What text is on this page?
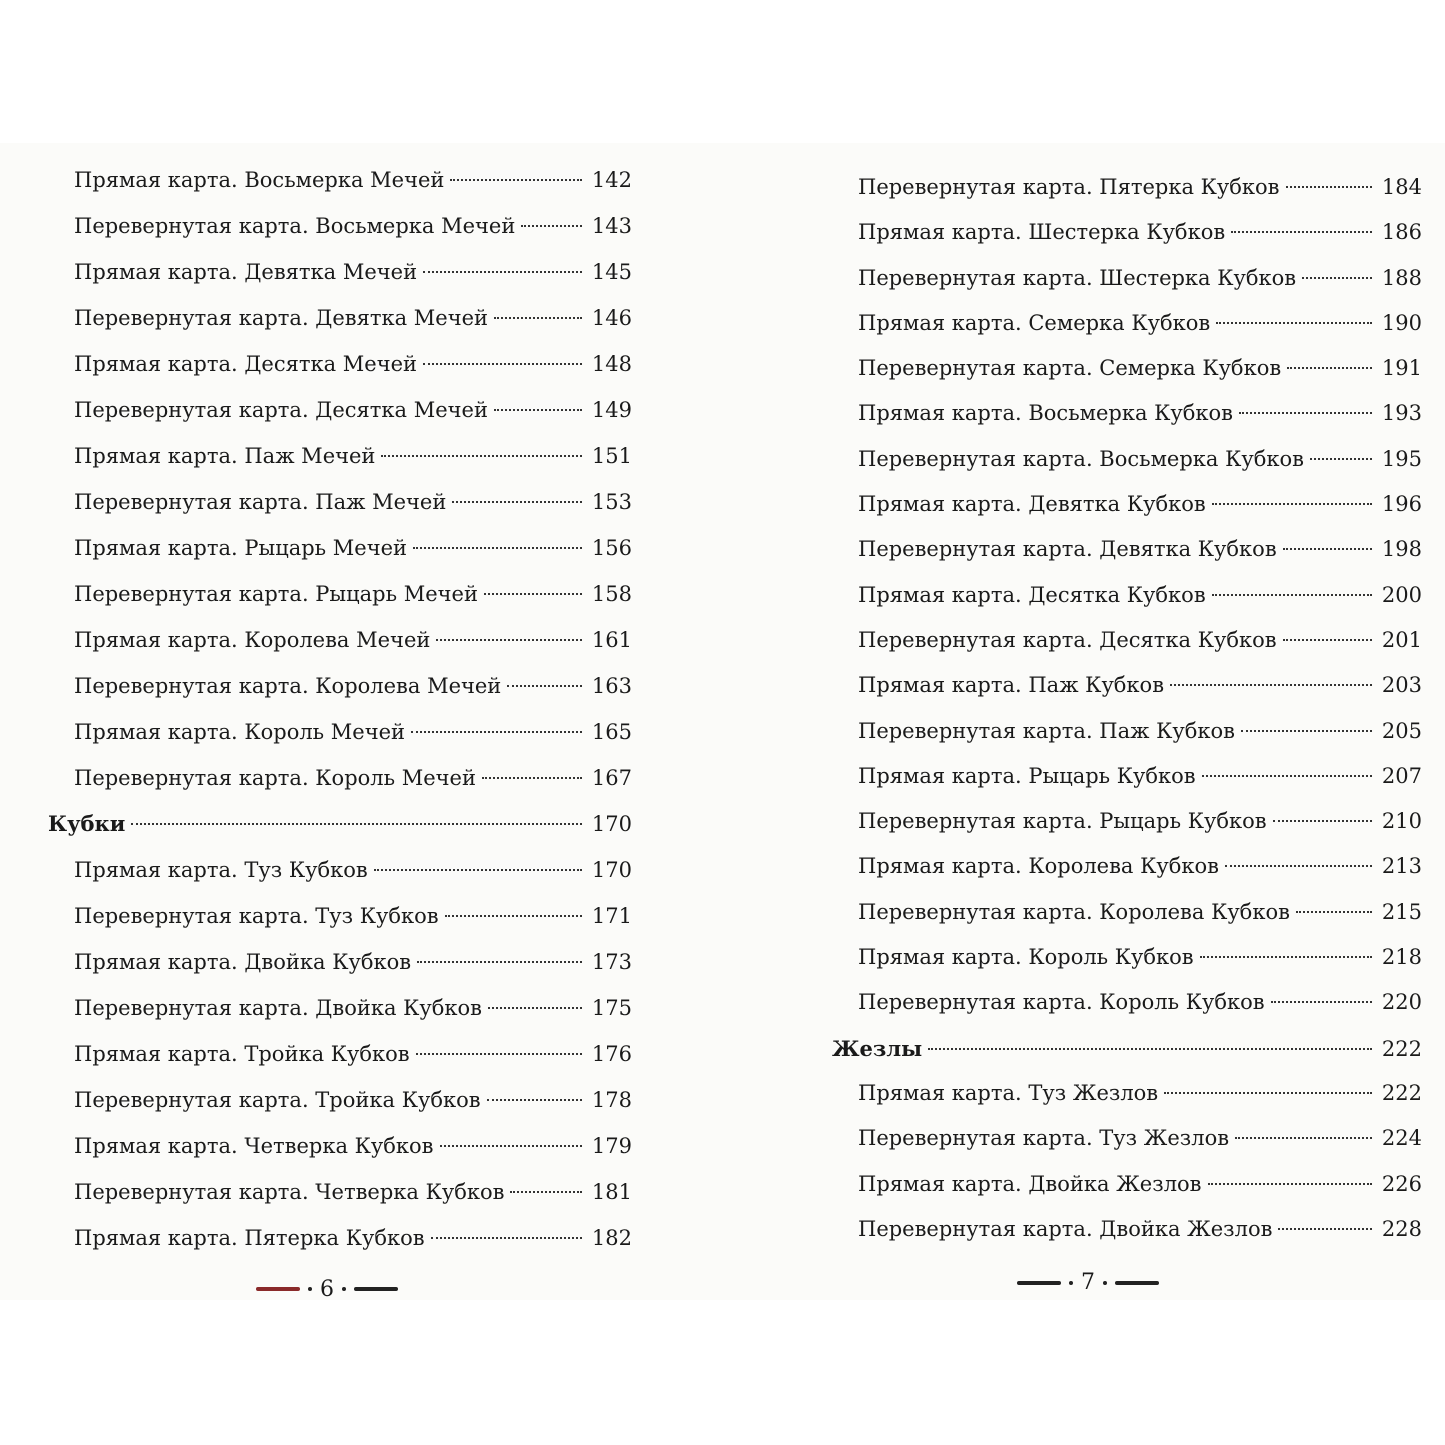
Прямая карта. Восьмерка Мечей	142
Перевернутая карта. Восьмерка Мечей	143
Прямая карта. Девятка Мечей	145
Перевернутая карта. Девятка Мечей	146
Прямая карта. Десятка Мечей	148
Перевернутая карта. Десятка Мечей	149
Прямая карта. Паж Мечей	151
Перевернутая карта. Паж Мечей	153
Прямая карта. Рыцарь Мечей	156
Перевернутая карта. Рыцарь Мечей	158
Прямая карта. Королева Мечей	161
Перевернутая карта. Королева Мечей	163
Прямая карта. Король Мечей	165
Перевернутая карта. Король Мечей	167
Кубки	170
Прямая карта. Туз Кубков	170
Перевернутая карта. Туз Кубков	171
Прямая карта. Двойка Кубков	173
Перевернутая карта. Двойка Кубков	175
Прямая карта. Тройка Кубков	176
Перевернутая карта. Тройка Кубков	178
Прямая карта. Четверка Кубков	179
Перевернутая карта. Четверка Кубков	181
Прямая карта. Пятерка Кубков	182
6
Перевернутая карта. Пятерка Кубков	184
Прямая карта. Шестерка Кубков	186
Перевернутая карта. Шестерка Кубков	188
Прямая карта. Семерка Кубков	190
Перевернутая карта. Семерка Кубков	191
Прямая карта. Восьмерка Кубков	193
Перевернутая карта. Восьмерка Кубков	195
Прямая карта. Девятка Кубков	196
Перевернутая карта. Девятка Кубков	198
Прямая карта. Десятка Кубков	200
Перевернутая карта. Десятка Кубков	201
Прямая карта. Паж Кубков	203
Перевернутая карта. Паж Кубков	205
Прямая карта. Рыцарь Кубков	207
Перевернутая карта. Рыцарь Кубков	210
Прямая карта. Королева Кубков	213
Перевернутая карта. Королева Кубков	215
Прямая карта. Король Кубков	218
Перевернутая карта. Король Кубков	220
Жезлы	222
Прямая карта. Туз Жезлов	222
Перевернутая карта. Туз Жезлов	224
Прямая карта. Двойка Жезлов	226
Перевернутая карта. Двойка Жезлов	228
7
